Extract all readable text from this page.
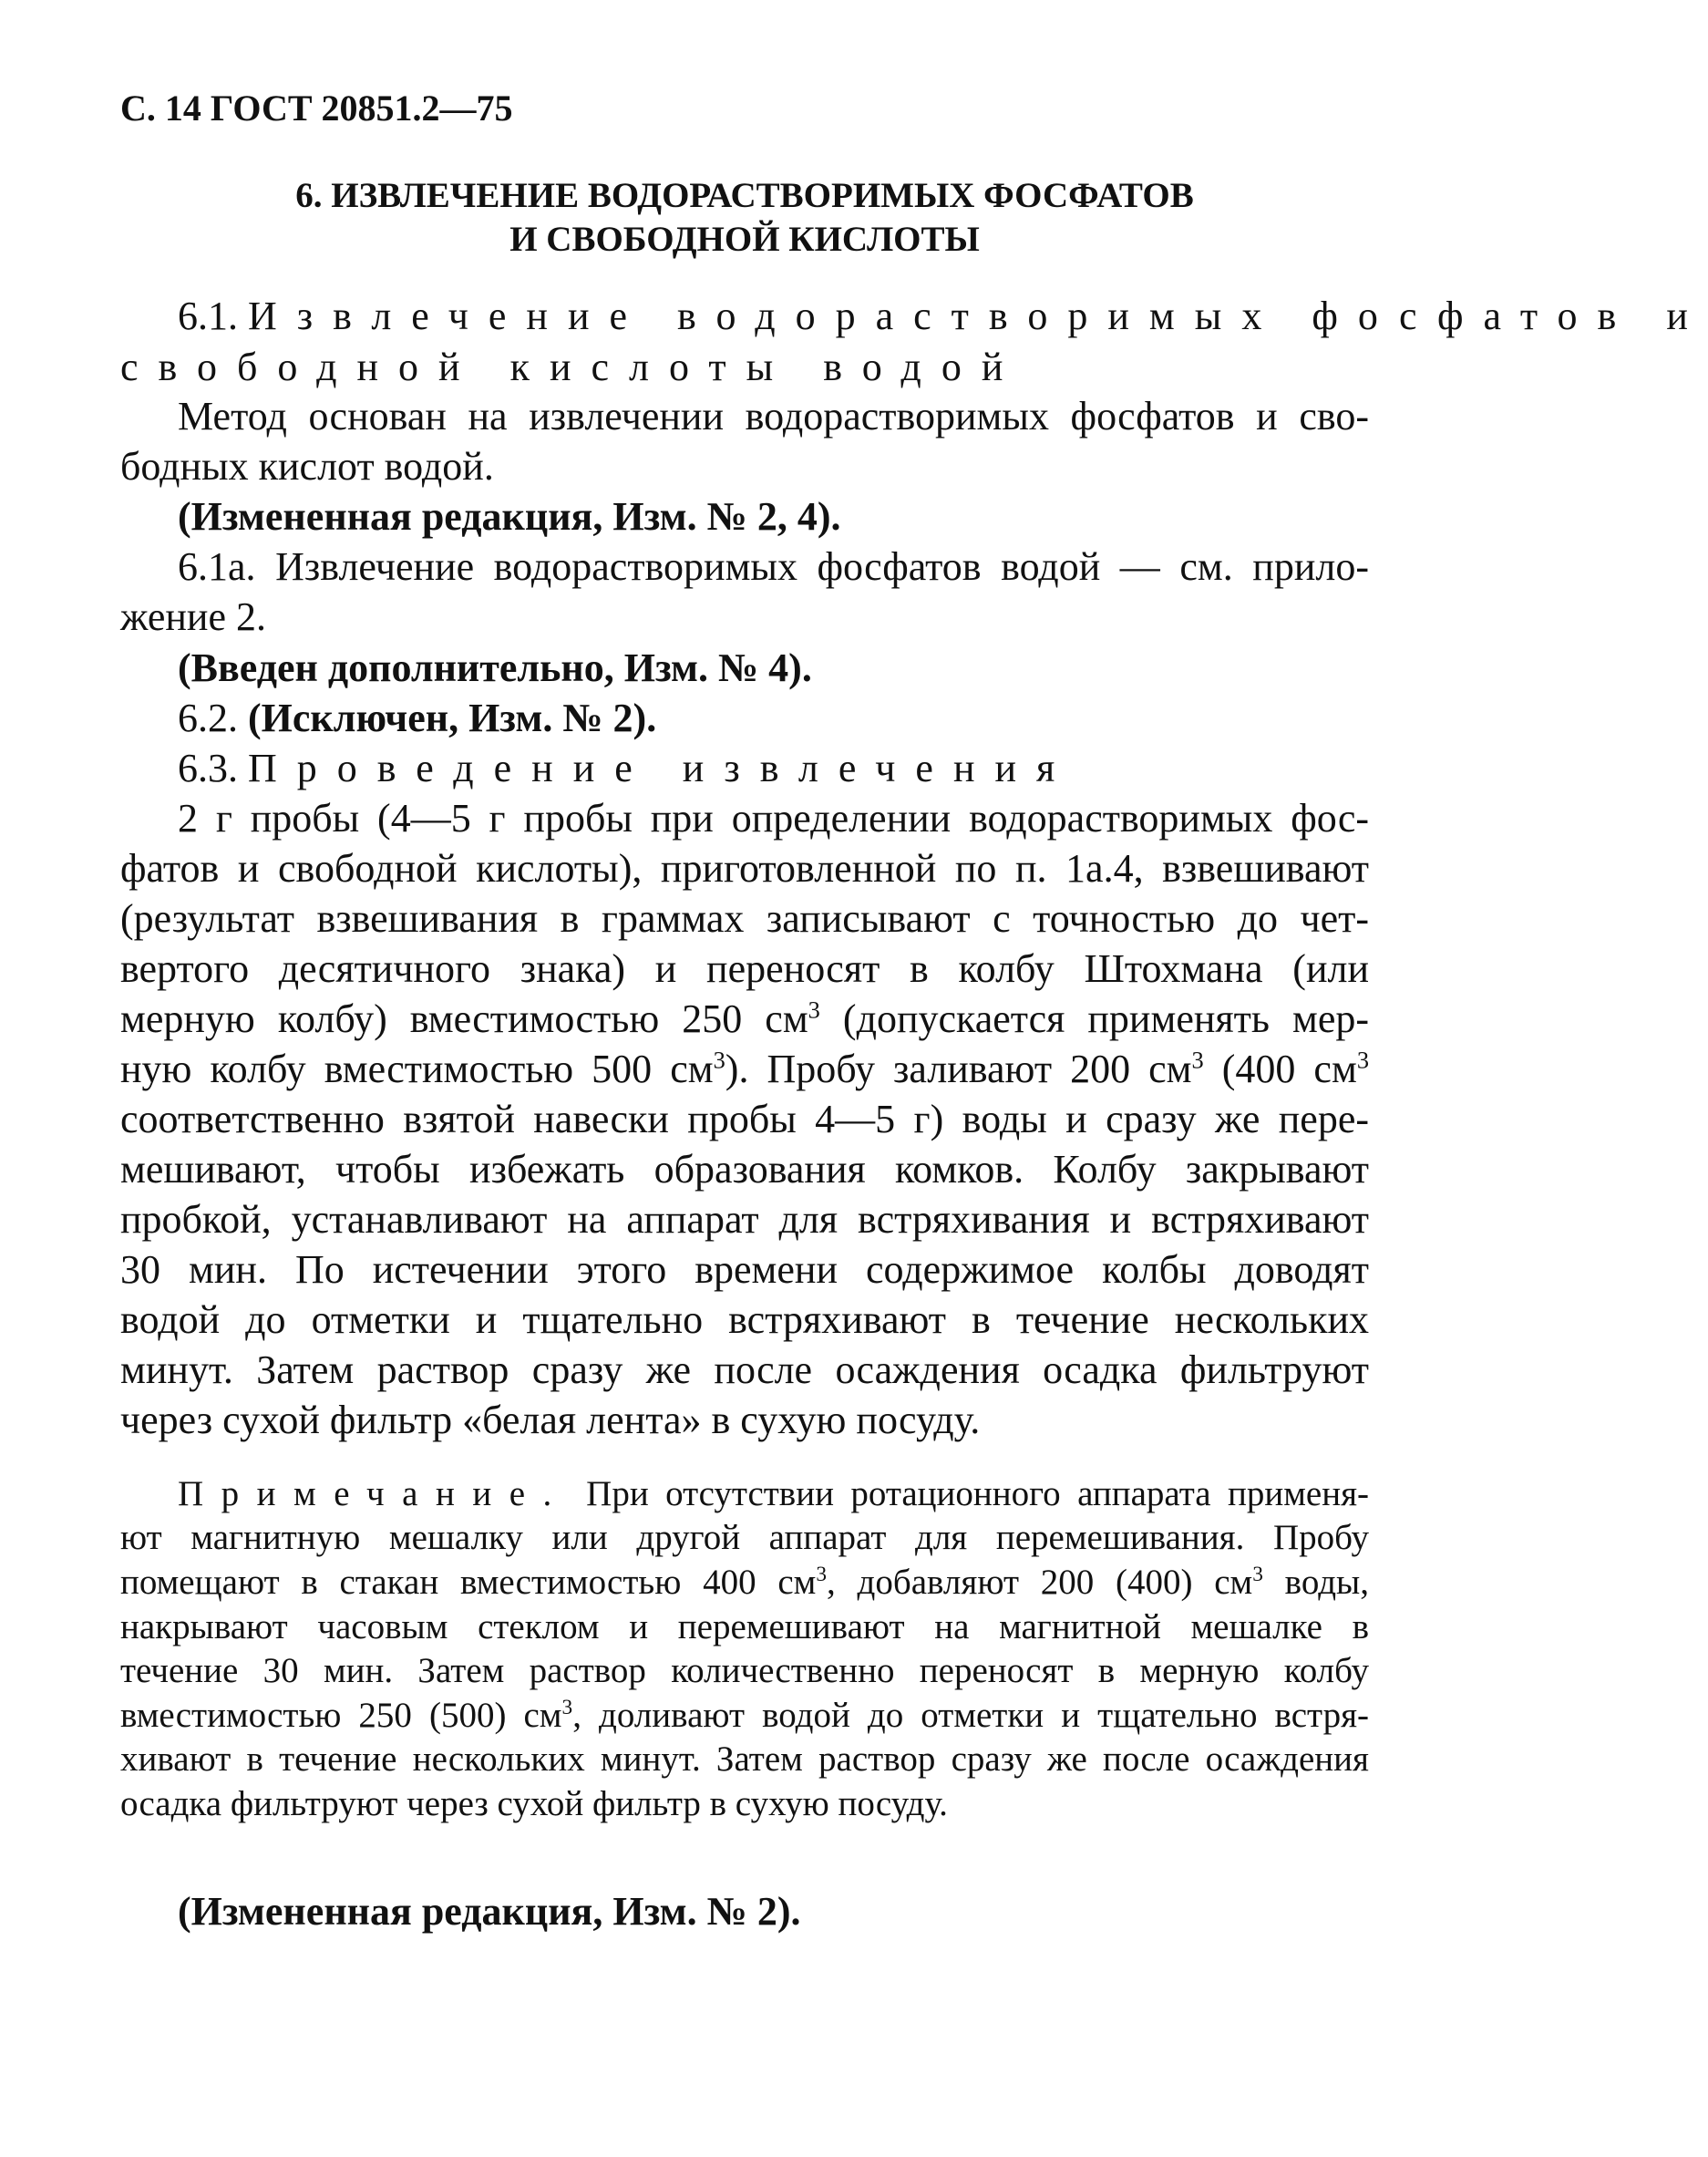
С. 14 ГОСТ 20851.2—75
6. ИЗВЛЕЧЕНИЕ ВОДОРАСТВОРИМЫХ ФОСФАТОВ
И СВОБОДНОЙ КИСЛОТЫ
6.1. Извлечение водорастворимых фосфатов и
свободной кислоты водой
Метод основан на извлечении водорастворимых фосфатов и сво-
бодных кислот водой.
(Измененная редакция, Изм. № 2, 4).
6.1а. Извлечение водорастворимых фосфатов водой — см. прило-
жение 2.
(Введен дополнительно, Изм. № 4).
6.2. (Исключен, Изм. № 2).
6.3. Проведение извлечения
2 г пробы (4—5 г пробы при определении водорастворимых фос-
фатов и свободной кислоты), приготовленной по п. 1а.4, взвешивают
(результат взвешивания в граммах записывают с точностью до чет-
вертого десятичного знака) и переносят в колбу Штохмана (или
мерную колбу) вместимостью 250 $см^3$ (допускается применять мер-
ную колбу вместимостью 500 $см^3$). Пробу заливают 200 $см^3$ (400 $см^3$
соответственно взятой навески пробы 4—5 г) воды и сразу же пере-
мешивают, чтобы избежать образования комков. Колбу закрывают
пробкой, устанавливают на аппарат для встряхивания и встряхивают
30 мин. По истечении этого времени содержимое колбы доводят
водой до отметки и тщательно встряхивают в течение нескольких
минут. Затем раствор сразу же после осаждения осадка фильтруют
через сухой фильтр «белая лента» в сухую посуду.
Примечание. При отсутствии ротационного аппарата применя-
ют магнитную мешалку или другой аппарат для перемешивания. Пробу
помещают в стакан вместимостью 400 $см^3$, добавляют 200 (400) $см^3$ воды,
накрывают часовым стеклом и перемешивают на магнитной мешалке в
течение 30 мин. Затем раствор количественно переносят в мерную колбу
вместимостью 250 (500) $см^3$, доливают водой до отметки и тщательно встря-
хивают в течение нескольких минут. Затем раствор сразу же после осаждения
осадка фильтруют через сухой фильтр в сухую посуду.
(Измененная редакция, Изм. № 2).
